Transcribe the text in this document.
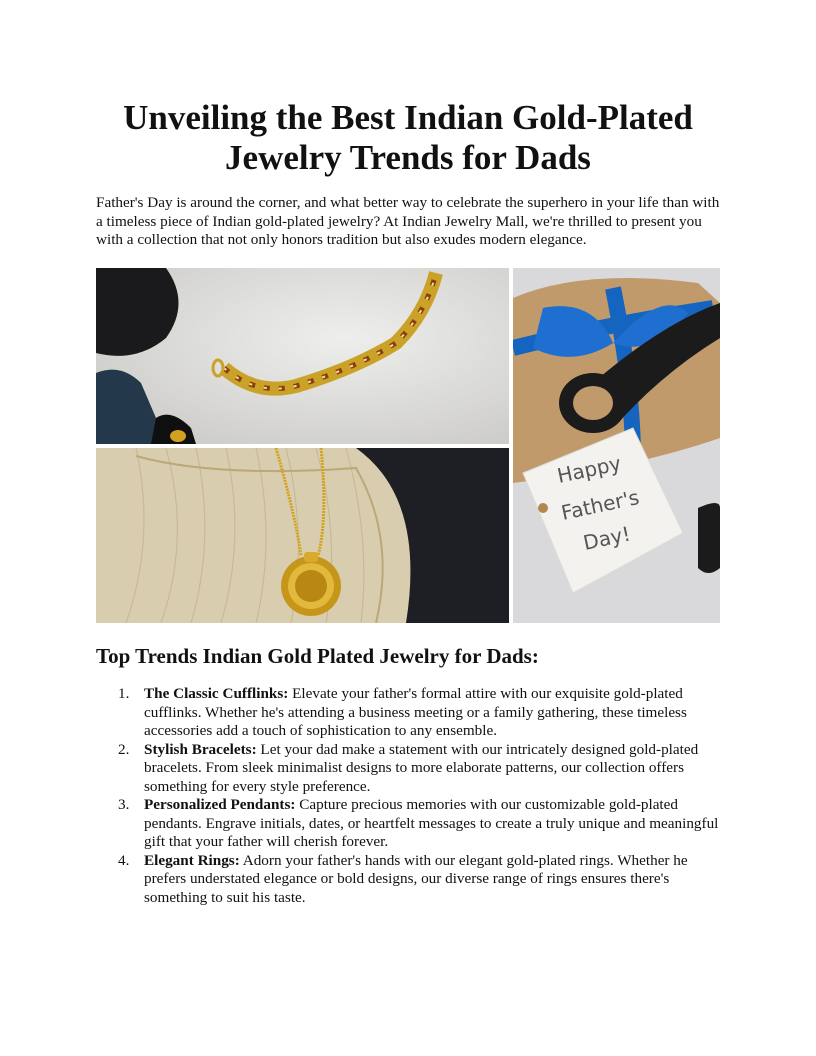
Unveiling the Best Indian Gold-Plated Jewelry Trends for Dads

Father's Day is around the corner, and what better way to celebrate the superhero in your life than with a timeless piece of Indian gold-plated jewelry? At Indian Jewelry Mall, we're thrilled to present you with a collection that not only honors tradition but also exudes modern elegance.

Happy
Father's
Day!
Top Trends Indian Gold Plated Jewelry for Dads:
1. The Classic Cufflinks: Elevate your father's formal attire with our exquisite gold-plated cufflinks. Whether he's attending a business meeting or a family gathering, these timeless accessories add a touch of sophistication to any ensemble.
2. Stylish Bracelets: Let your dad make a statement with our intricately designed gold-plated bracelets. From sleek minimalist designs to more elaborate patterns, our collection offers something for every style preference.
3. Personalized Pendants: Capture precious memories with our customizable gold-plated pendants. Engrave initials, dates, or heartfelt messages to create a truly unique and meaningful gift that your father will cherish forever.
4. Elegant Rings: Adorn your father's hands with our elegant gold-plated rings. Whether he prefers understated elegance or bold designs, our diverse range of rings ensures there's something to suit his taste.
